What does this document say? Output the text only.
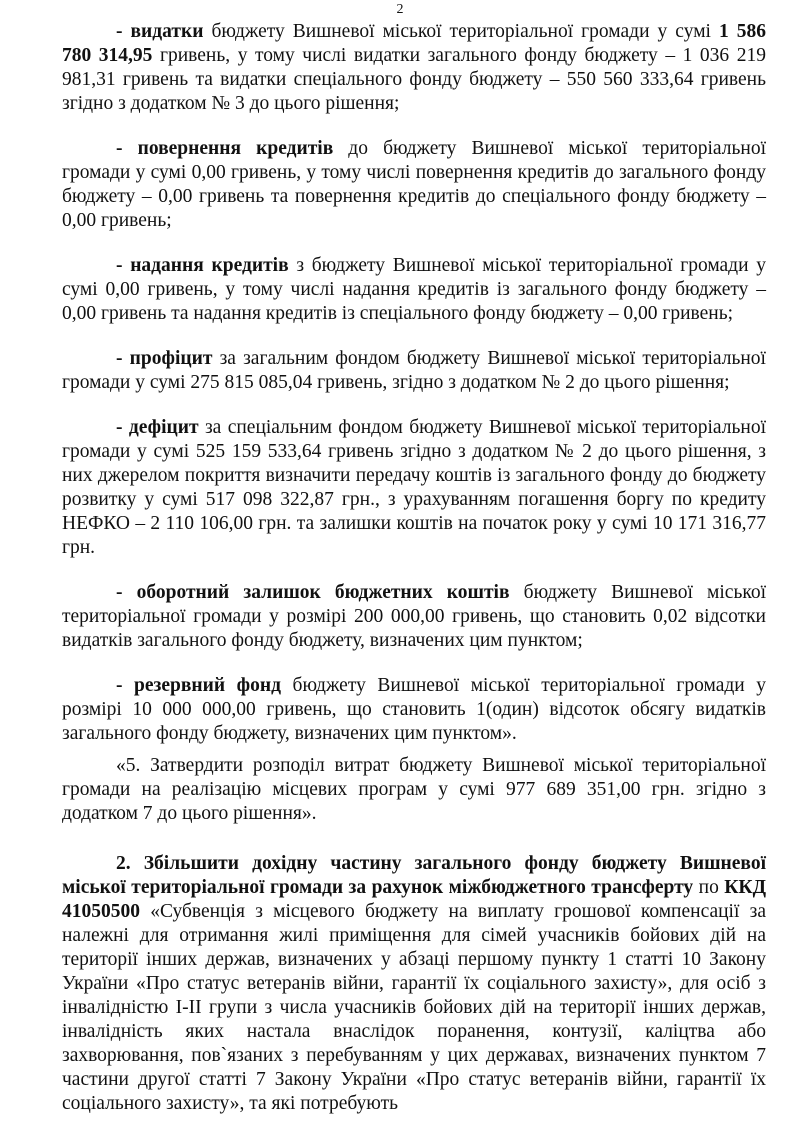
2

- видатки бюджету Вишневої міської територіальної громади у сумі 1 586 780 314,95 гривень, у тому числі видатки загального фонду бюджету – 1 036 219 981,31 гривень та видатки спеціального фонду бюджету – 550 560 333,64 гривень згідно з додатком № 3 до цього рішення;

- повернення кредитів до бюджету Вишневої міської територіальної громади у сумі 0,00 гривень, у тому числі повернення кредитів до загального фонду бюджету – 0,00 гривень та повернення кредитів до спеціального фонду бюджету – 0,00 гривень;

- надання кредитів з бюджету Вишневої міської територіальної громади у сумі 0,00 гривень, у тому числі надання кредитів із загального фонду бюджету – 0,00 гривень та надання кредитів із спеціального фонду бюджету – 0,00 гривень;

- профіцит за загальним фондом бюджету Вишневої міської територіальної громади у сумі 275 815 085,04 гривень, згідно з додатком № 2 до цього рішення;

- дефіцит за спеціальним фондом бюджету Вишневої міської територіальної громади у сумі 525 159 533,64 гривень згідно з додатком № 2 до цього рішення, з них джерелом покриття визначити передачу коштів із загального фонду до бюджету розвитку у сумі 517 098 322,87 грн., з урахуванням погашення боргу по кредиту НЕФКО – 2 110 106,00 грн. та залишки коштів на початок року у сумі 10 171 316,77 грн.

- оборотний залишок бюджетних коштів бюджету Вишневої міської територіальної громади у розмірі 200 000,00 гривень, що становить 0,02 відсотки видатків загального фонду бюджету, визначених цим пунктом;

- резервний фонд бюджету Вишневої міської територіальної громади у розмірі 10 000 000,00 гривень, що становить 1(один) відсоток обсягу видатків загального фонду бюджету, визначених цим пунктом».

«5. Затвердити розподіл витрат бюджету Вишневої міської територіальної громади на реалізацію місцевих програм у сумі 977 689 351,00 грн. згідно з додатком 7 до цього рішення».

2. Збільшити дохідну частину загального фонду бюджету Вишневої міської територіальної громади за рахунок міжбюджетного трансферту по ККД 41050500 «Субвенція з місцевого бюджету на виплату грошової компенсації за належні для отримання жилі приміщення для сімей учасників бойових дій на території інших держав, визначених у абзаці першому пункту 1 статті 10 Закону України «Про статус ветеранів війни, гарантії їх соціального захисту», для осіб з інвалідністю I-II групи з числа учасників бойових дій на території інших держав, інвалідність яких настала внаслідок поранення, контузії, каліцтва або захворювання, пов`язаних з перебуванням у цих державах, визначених пунктом 7 частини другої статті 7 Закону України «Про статус ветеранів війни, гарантії їх соціального захисту», та які потребують
